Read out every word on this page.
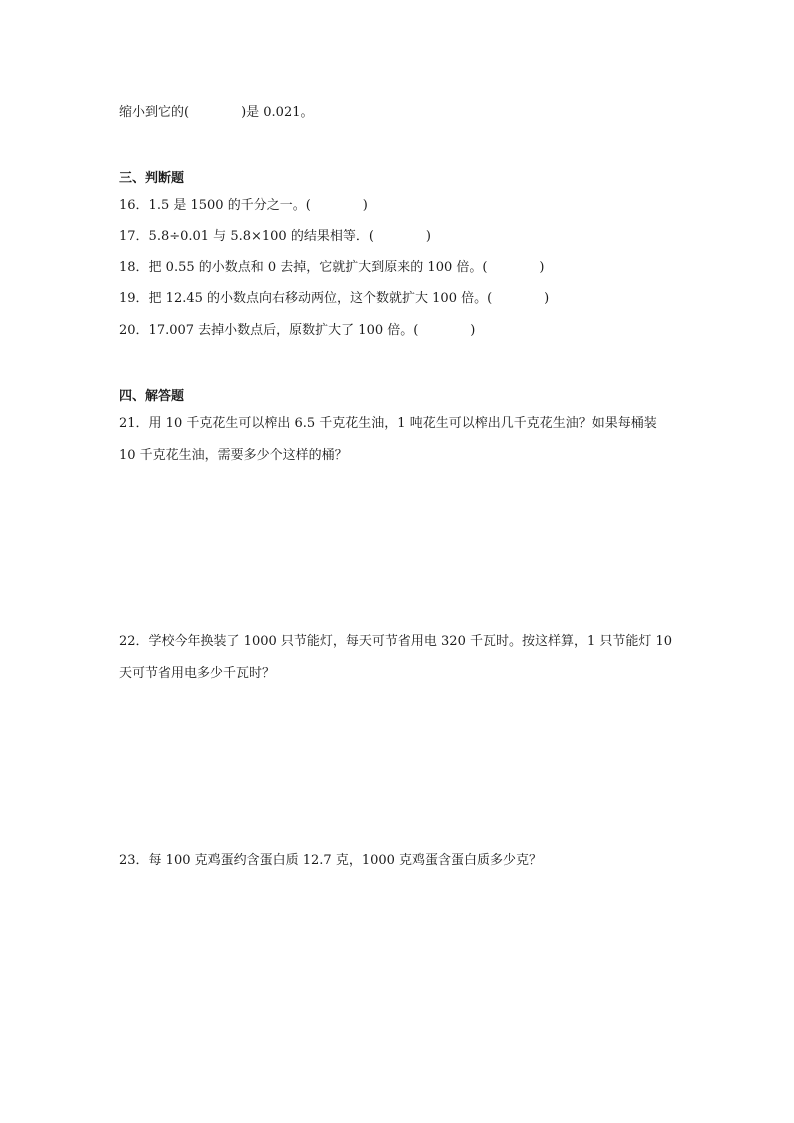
缩小到它的(　　　　)是 0.021。
三、判断题
16．1.5 是 1500 的千分之一。(　　　　)
17．5.8÷0.01 与 5.8×100 的结果相等．(　　　　)
18．把 0.55 的小数点和 0 去掉，它就扩大到原来的 100 倍。(　　　　)
19．把 12.45 的小数点向右移动两位，这个数就扩大 100 倍。(　　　　)
20．17.007 去掉小数点后，原数扩大了 100 倍。(　　　　)
四、解答题
21．用 10 千克花生可以榨出 6.5 千克花生油，1 吨花生可以榨出几千克花生油？如果每桶装
10 千克花生油，需要多少个这样的桶？
22．学校今年换装了 1000 只节能灯，每天可节省用电 320 千瓦时。按这样算，1 只节能灯 10
天可节省用电多少千瓦时？
23．每 100 克鸡蛋约含蛋白质 12.7 克，1000 克鸡蛋含蛋白质多少克？
